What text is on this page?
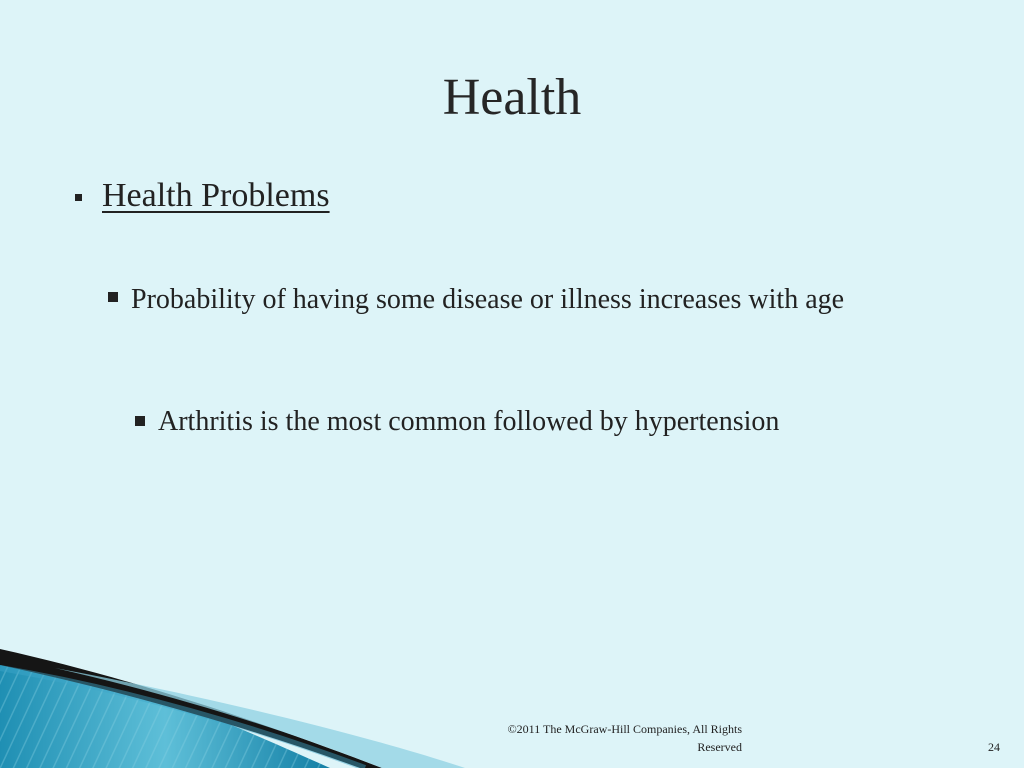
Health
Health Problems
Probability of having some disease or illness increases with age
Arthritis is the most common followed by hypertension
©2011 The McGraw-Hill Companies, All Rights Reserved	24
